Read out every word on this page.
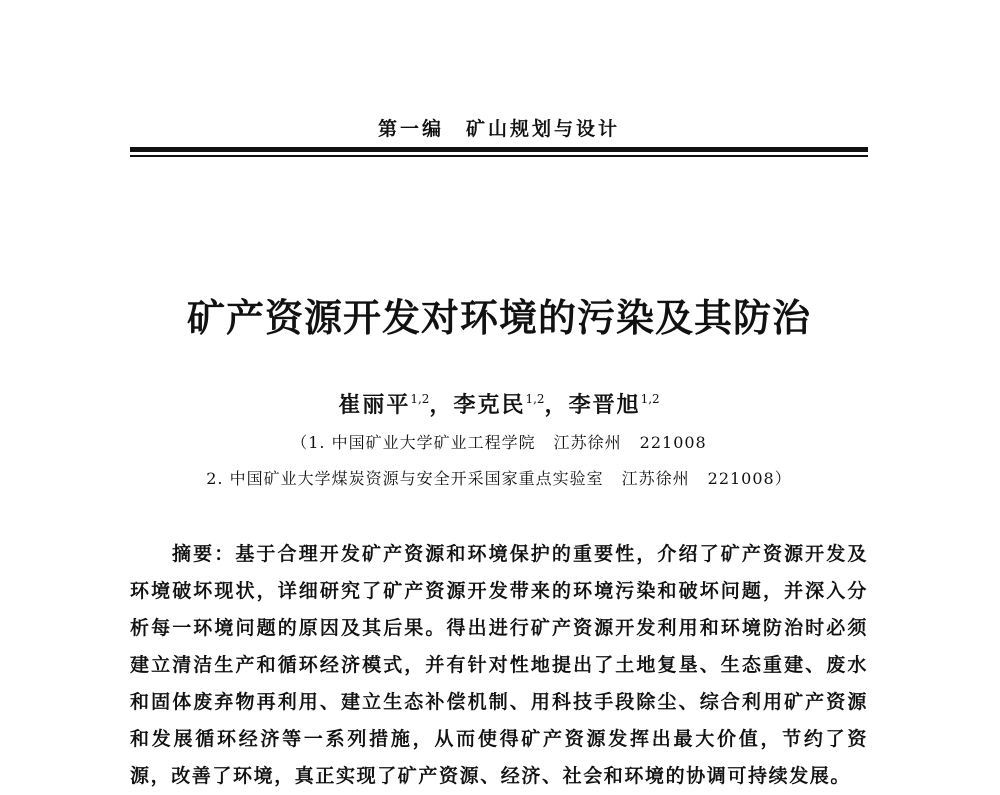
第一编 矿山规划与设计
矿产资源开发对环境的污染及其防治
崔丽平$^{1,2}$，李克民$^{1,2}$，李晋旭$^{1,2}$
（1. 中国矿业大学矿业工程学院 江苏徐州 221008
2. 中国矿业大学煤炭资源与安全开采国家重点实验室 江苏徐州 221008）
摘要：基于合理开发矿产资源和环境保护的重要性，介绍了矿产资源开发及环境破坏现状，详细研究了矿产资源开发带来的环境污染和破坏问题，并深入分析每一环境问题的原因及其后果。得出进行矿产资源开发利用和环境防治时必须建立清洁生产和循环经济模式，并有针对性地提出了土地复垦、生态重建、废水和固体废弃物再利用、建立生态补偿机制、用科技手段除尘、综合利用矿产资源和发展循环经济等一系列措施，从而使得矿产资源发挥出最大价值，节约了资源，改善了环境，真正实现了矿产资源、经济、社会和环境的协调可持续发展。
